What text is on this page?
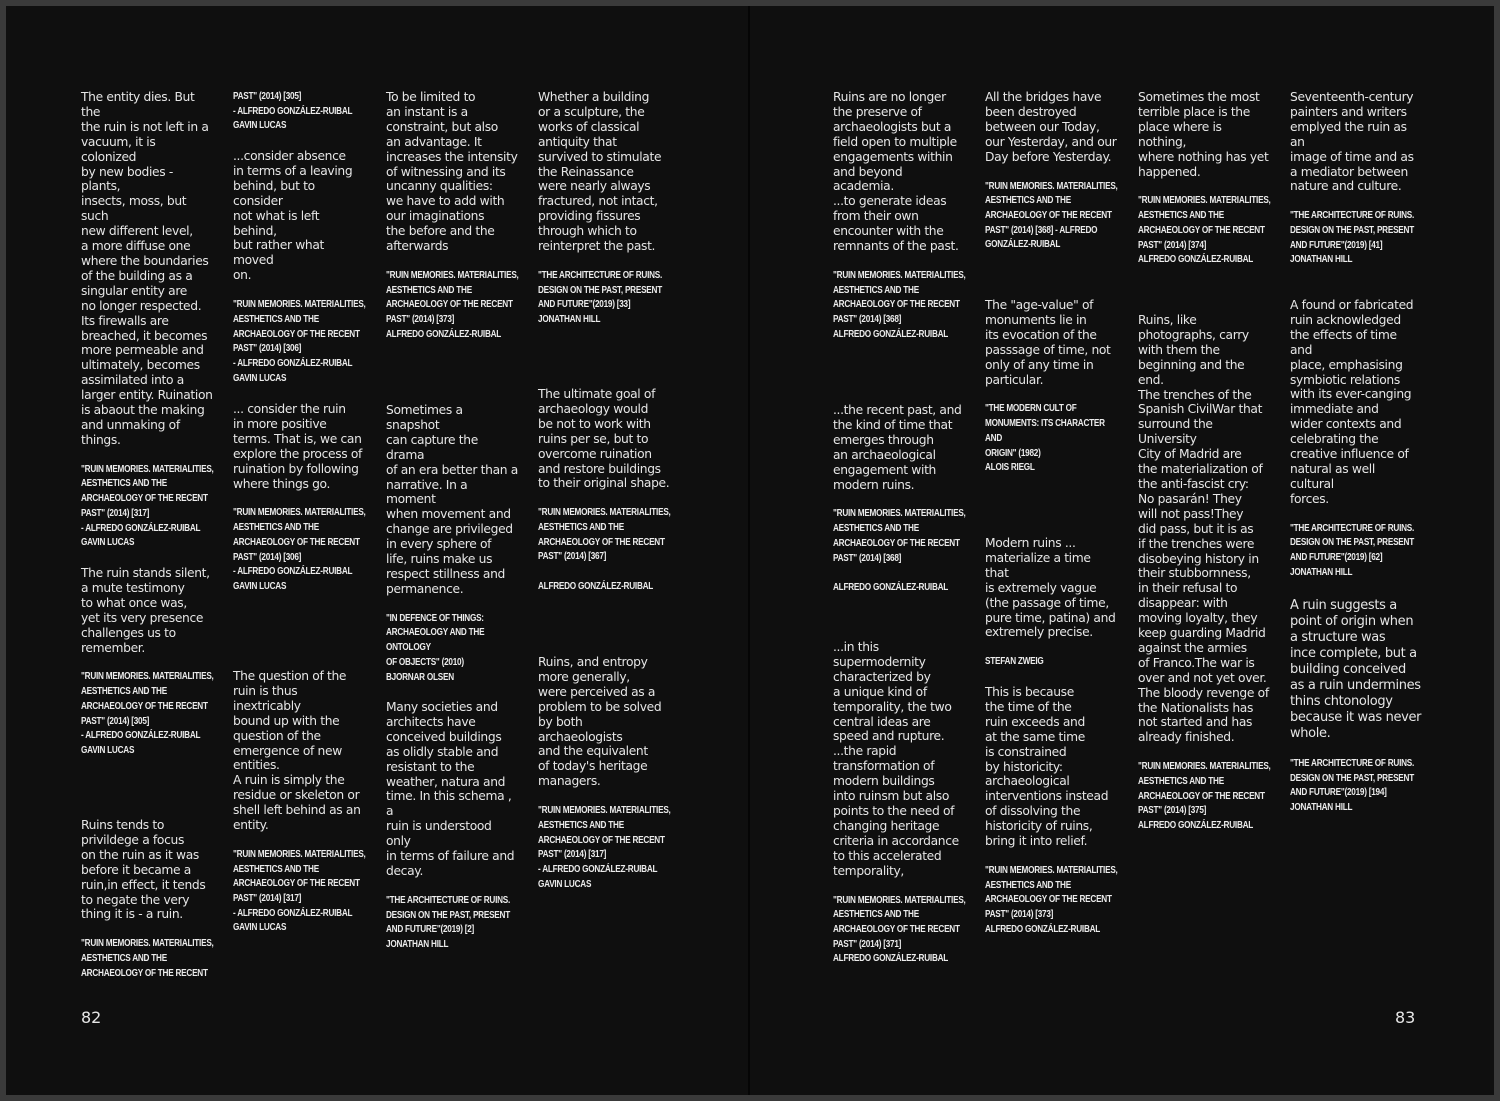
The entity dies. But the
the ruin is not left in a
vacuum, it is colonized
by new bodies - plants,
insects, moss, but such
new different level,
a more diffuse one
where the boundaries
of the building as a
singular entity are
no longer respected.
Its firewalls are
breached, it becomes
more permeable and
ultimately, becomes
assimilated into a
larger entity. Ruination
is abaout the making
and unmaking of
things.
"RUIN MEMORIES. MATERIALITIES,
AESTHETICS AND THE
ARCHAEOLOGY OF THE RECENT
PAST" (2014) [317]
- ALFREDO GONZÁLEZ-RUIBAL
GAVIN LUCAS
The ruin stands silent,
a mute testimony
to what once was,
yet its very presence
challenges us to
remember.
"RUIN MEMORIES. MATERIALITIES,
AESTHETICS AND THE
ARCHAEOLOGY OF THE RECENT
PAST" (2014) [305]
- ALFREDO GONZÁLEZ-RUIBAL
GAVIN LUCAS
Ruins tends to
privildege a focus
on the ruin as it was
before it became a
ruin,in effect, it tends
to negate the very
thing it is - a ruin.
"RUIN MEMORIES. MATERIALITIES,
AESTHETICS AND THE
ARCHAEOLOGY OF THE RECENT
PAST" (2014) [305]
- ALFREDO GONZÁLEZ-RUIBAL
GAVIN LUCAS
...consider absence
in terms of a leaving
behind, but to consider
not what is left behind,
but rather what moved
on.
"RUIN MEMORIES. MATERIALITIES,
AESTHETICS AND THE
ARCHAEOLOGY OF THE RECENT
PAST" (2014) [306]
- ALFREDO GONZÁLEZ-RUIBAL
GAVIN LUCAS
... consider the ruin
in more positive
terms. That is, we can
explore the process of
ruination by following
where things go.
"RUIN MEMORIES. MATERIALITIES,
AESTHETICS AND THE
ARCHAEOLOGY OF THE RECENT
PAST" (2014) [306]
- ALFREDO GONZÁLEZ-RUIBAL
GAVIN LUCAS
The question of the
ruin is thus inextricably
bound up with the
question of the
emergence of new
entities.
A ruin is simply the
residue or skeleton or
shell left behind as an
entity.
"RUIN MEMORIES. MATERIALITIES,
AESTHETICS AND THE
ARCHAEOLOGY OF THE RECENT
PAST" (2014) [317]
- ALFREDO GONZÁLEZ-RUIBAL
GAVIN LUCAS
To be limited to
an instant is a
constraint, but also
an advantage. It
increases the intensity
of witnessing and its
uncanny qualities:
we have to add with
our imaginations
the before and the
afterwards
"RUIN MEMORIES. MATERIALITIES,
AESTHETICS AND THE
ARCHAEOLOGY OF THE RECENT
PAST" (2014) [373]
ALFREDO GONZÁLEZ-RUIBAL
Sometimes a snapshot
can capture the drama
of an era better than a
narrative. In a moment
when movement and
change are privileged
in every sphere of
life, ruins make us
respect stillness and
permanence.
"IN DEFENCE OF THINGS:
ARCHAEOLOGY AND THE ONTOLOGY
OF OBJECTS" (2010)
BJORNAR OLSEN
Many societies and
architects have
conceived buildings
as olidly stable and
resistant to the
weather, natura and
time. In this schema , a
ruin is understood only
in terms of failure and
decay.
"THE ARCHITECTURE OF RUINS.
DESIGN ON THE PAST, PRESENT
AND FUTURE"(2019) [2]
JONATHAN HILL
Whether a building
or a sculpture, the
works of classical
antiquity that
survived to stimulate
the Reinassance
were nearly always
fractured, not intact,
providing fissures
through which to
reinterpret the past.
"THE ARCHITECTURE OF RUINS.
DESIGN ON THE PAST, PRESENT
AND FUTURE"(2019) [33]
JONATHAN HILL
The ultimate goal of
archaeology would
be not to work with
ruins per se, but to
overcome ruination
and restore buildings
to their original shape.
"RUIN MEMORIES. MATERIALITIES,
AESTHETICS AND THE
ARCHAEOLOGY OF THE RECENT
PAST" (2014) [367]

ALFREDO GONZÁLEZ-RUIBAL
Ruins, and entropy
more generally,
were perceived as a
problem to be solved
by both archaeologists
and the equivalent
of today's heritage
managers.
"RUIN MEMORIES. MATERIALITIES,
AESTHETICS AND THE
ARCHAEOLOGY OF THE RECENT
PAST" (2014) [317]
- ALFREDO GONZÁLEZ-RUIBAL
GAVIN LUCAS
82
Ruins are no longer
the preserve of
archaeologists but a
field open to multiple
engagements within
and beyond academia.
...to generate ideas
from their own
encounter with the
remnants of the past.
"RUIN MEMORIES. MATERIALITIES,
AESTHETICS AND THE
ARCHAEOLOGY OF THE RECENT
PAST" (2014) [368]
ALFREDO GONZÁLEZ-RUIBAL
...the recent past, and
the kind of time that
emerges through
an archaeological
engagement with
modern ruins.
"RUIN MEMORIES. MATERIALITIES,
AESTHETICS AND THE
ARCHAEOLOGY OF THE RECENT
PAST" (2014) [368]

ALFREDO GONZÁLEZ-RUIBAL
...in this
supermodernity
characterized by
a unique kind of
temporality, the two
central ideas are
speed and rupture.
...the rapid
transformation of
modern buildings
into ruinsm but also
points to the need of
changing heritage
criteria in accordance
to this accelerated
temporality,
"RUIN MEMORIES. MATERIALITIES,
AESTHETICS AND THE
ARCHAEOLOGY OF THE RECENT
PAST" (2014) [371]
ALFREDO GONZÁLEZ-RUIBAL
All the bridges have
been destroyed
between our Today,
our Yesterday, and our
Day before Yesterday.
"RUIN MEMORIES. MATERIALITIES,
AESTHETICS AND THE
ARCHAEOLOGY OF THE RECENT
PAST" (2014) [368] - ALFREDO
GONZÁLEZ-RUIBAL
The "age-value" of
monuments lie in
its evocation of the
passsage of time, not
only of any time in
particular.
"THE MODERN CULT OF
MONUMENTS: ITS CHARACTER AND
ORIGIN" (1982)
ALOIS RIEGL
Modern ruins ...
materialize a time that
is extremely vague
(the passage of time,
pure time, patina) and
extremely precise.
STEFAN ZWEIG
This is because
the time of the
ruin exceeds and
at the same time
is constrained
by historicity:
archaeological
interventions instead
of dissolving the
historicity of ruins,
bring it into relief.
"RUIN MEMORIES. MATERIALITIES,
AESTHETICS AND THE
ARCHAEOLOGY OF THE RECENT
PAST" (2014) [373]
ALFREDO GONZÁLEZ-RUIBAL
Sometimes the most
terrible place is the
place where is nothing,
where nothing has yet
happened.
"RUIN MEMORIES. MATERIALITIES,
AESTHETICS AND THE
ARCHAEOLOGY OF THE RECENT
PAST" (2014) [374]
ALFREDO GONZÁLEZ-RUIBAL
Ruins, like
photographs, carry
with them the
beginning and the end.
The trenches of the
Spanish CivilWar that
surround the University
City of Madrid are
the materialization of
the anti-fascist cry:
No pasarán! They
will not pass!They
did pass, but it is as
if the trenches were
disobeying history in
their stubbornness,
in their refusal to
disappear: with
moving loyalty, they
keep guarding Madrid
against the armies
of Franco.The war is
over and not yet over.
The bloody revenge of
the Nationalists has
not started and has
already finished.
"RUIN MEMORIES. MATERIALITIES,
AESTHETICS AND THE
ARCHAEOLOGY OF THE RECENT
PAST" (2014) [375]
ALFREDO GONZÁLEZ-RUIBAL
Seventeenth-century
painters and writers
emplyed the ruin as an
image of time and as
a mediator between
nature and culture.
"THE ARCHITECTURE OF RUINS.
DESIGN ON THE PAST, PRESENT
AND FUTURE"(2019) [41]
JONATHAN HILL
A found or fabricated
ruin acknowledged
the effects of time and
place, emphasising
symbiotic relations
with its ever-canging
immediate and
wider contexts and
celebrating the
creative influence of
natural as well cultural
forces.
"THE ARCHITECTURE OF RUINS.
DESIGN ON THE PAST, PRESENT
AND FUTURE"(2019) [62]
JONATHAN HILL
A ruin suggests a
point of origin when
a structure was
ince complete, but a
building conceived
as a ruin undermines
thins chtonology
because it was never
whole.
"THE ARCHITECTURE OF RUINS.
DESIGN ON THE PAST, PRESENT
AND FUTURE"(2019) [194]
JONATHAN HILL
83
